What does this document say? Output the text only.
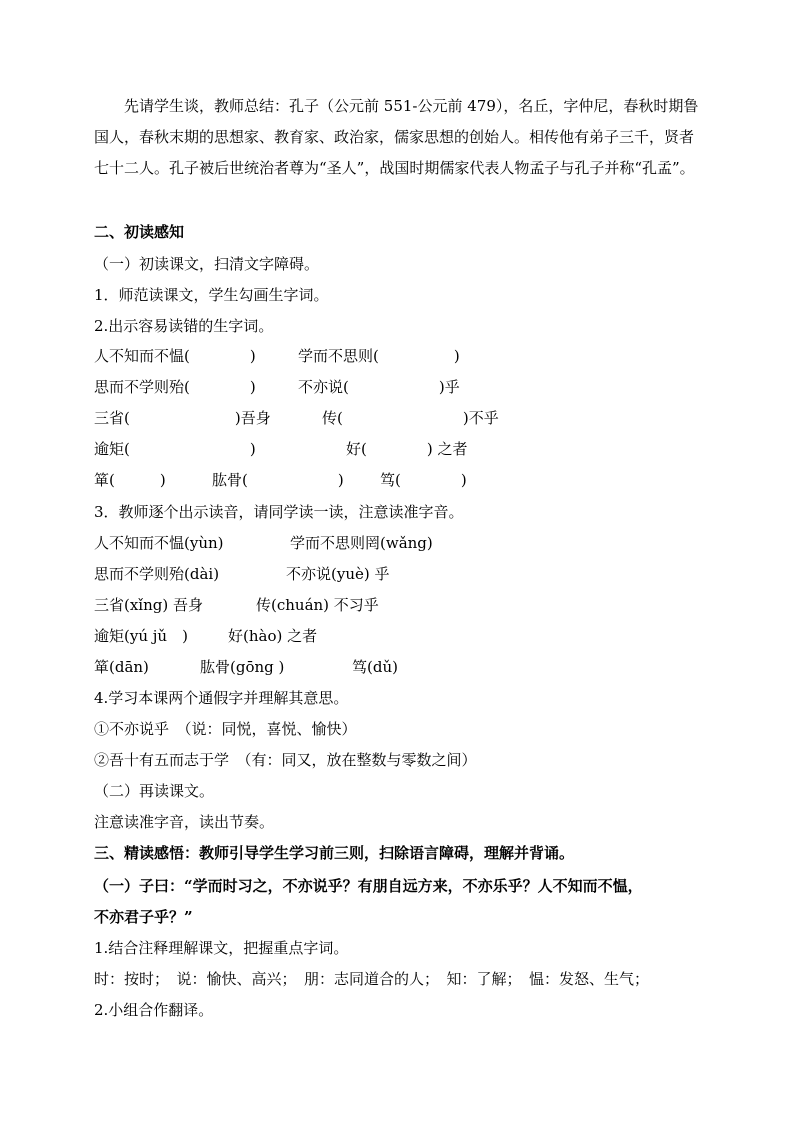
先请学生谈，教师总结：孔子（公元前 551-公元前 479），名丘，字仲尼，春秋时期鲁国人，春秋末期的思想家、教育家、政治家，儒家思想的创始人。相传他有弟子三千，贤者七十二人。孔子被后世统治者尊为“圣人”，战国时期儒家代表人物孟子与孔子并称“孔孟”。
二、初读感知
（一）初读课文，扫清文字障碍。
1．师范读课文，学生勾画生字词。
2.出示容易读错的生字词。
人不知而不愠(　　　　)	学而不思则(　　　　　)
思而不学则殆(　　　　)	不亦说(　　　　　　)乎
三省(　　　　　　　)吾身	传(　　　　　　　　)不乎
逾矩(　　　　　　　　)	好(　　　　) 之者
箪(　　　)	肱骨(　　　　　　) 笃(　　　　)
3．教师逐个出示读音，请同学读一读，注意读准字音。
人不知而不愠(yùn)	学而不思则罔(wǎng)
思而不学则殆(dài)	不亦说(yuè) 乎
三省(xǐng) 吾身	传(chuán) 不习乎
逾矩(yú jǔ　)	好(hào) 之者
箪(dān)	肱骨(gōng )	笃(dǔ)
4.学习本课两个通假字并理解其意思。
①不亦说乎　（说：同悦，喜悦、愉快）
②吾十有五而志于学　（有：同又，放在整数与零数之间）
（二）再读课文。
注意读准字音，读出节奏。
三、精读感悟：教师引导学生学习前三则，扫除语言障碍，理解并背诵。
（一）子曰：“学而时习之，不亦说乎？有朋自远方来，不亦乐乎？人不知而不愠，
不亦君子乎？”
1.结合注释理解课文，把握重点字词。
时：按时；　说：愉快、高兴；　朋：志同道合的人；　知：了解；　愠：发怒、生气；
2.小组合作翻译。
